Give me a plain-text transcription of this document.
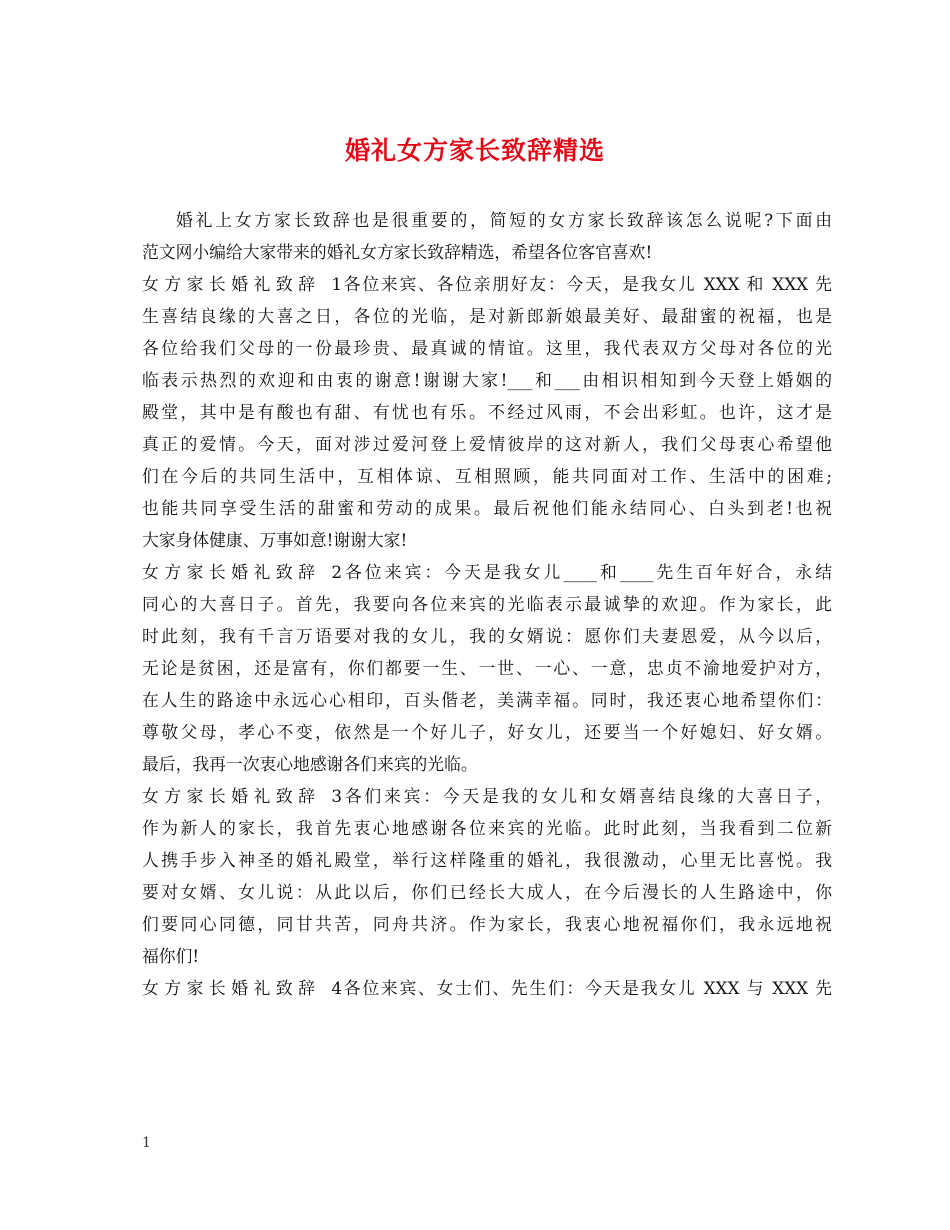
婚礼女方家长致辞精选
婚礼上女方家长致辞也是很重要的，简短的女方家长致辞该怎么说呢?下面由
范文网小编给大家带来的婚礼女方家长致辞精选，希望各位客官喜欢!
女方家长婚礼致辞 1各位来宾、各位亲朋好友：今天，是我女儿 XXX 和 XXX 先
生喜结良缘的大喜之日，各位的光临，是对新郎新娘最美好、最甜蜜的祝福，也是
各位给我们父母的一份最珍贵、最真诚的情谊。这里，我代表双方父母对各位的光
临表示热烈的欢迎和由衷的谢意!谢谢大家!___和___由相识相知到今天登上婚姻的
殿堂，其中是有酸也有甜、有忧也有乐。不经过风雨，不会出彩虹。也许，这才是
真正的爱情。今天，面对涉过爱河登上爱情彼岸的这对新人，我们父母衷心希望他
们在今后的共同生活中，互相体谅、互相照顾，能共同面对工作、生活中的困难;
也能共同享受生活的甜蜜和劳动的成果。最后祝他们能永结同心、白头到老!也祝
大家身体健康、万事如意!谢谢大家!
女方家长婚礼致辞 2各位来宾：今天是我女儿____和____先生百年好合，永结
同心的大喜日子。首先，我要向各位来宾的光临表示最诚挚的欢迎。作为家长，此
时此刻，我有千言万语要对我的女儿，我的女婿说：愿你们夫妻恩爱，从今以后，
无论是贫困，还是富有，你们都要一生、一世、一心、一意，忠贞不渝地爱护对方，
在人生的路途中永远心心相印，百头偕老，美满幸福。同时，我还衷心地希望你们：
尊敬父母，孝心不变，依然是一个好儿子，好女儿，还要当一个好媳妇、好女婿。
最后，我再一次衷心地感谢各们来宾的光临。
女方家长婚礼致辞 3各们来宾：今天是我的女儿和女婿喜结良缘的大喜日子，
作为新人的家长，我首先衷心地感谢各位来宾的光临。此时此刻，当我看到二位新
人携手步入神圣的婚礼殿堂，举行这样隆重的婚礼，我很激动，心里无比喜悦。我
要对女婿、女儿说：从此以后，你们已经长大成人，在今后漫长的人生路途中，你
们要同心同德，同甘共苦，同舟共济。作为家长，我衷心地祝福你们，我永远地祝
福你们!
女方家长婚礼致辞 4各位来宾、女士们、先生们：今天是我女儿 XXX 与 XXX 先
1
